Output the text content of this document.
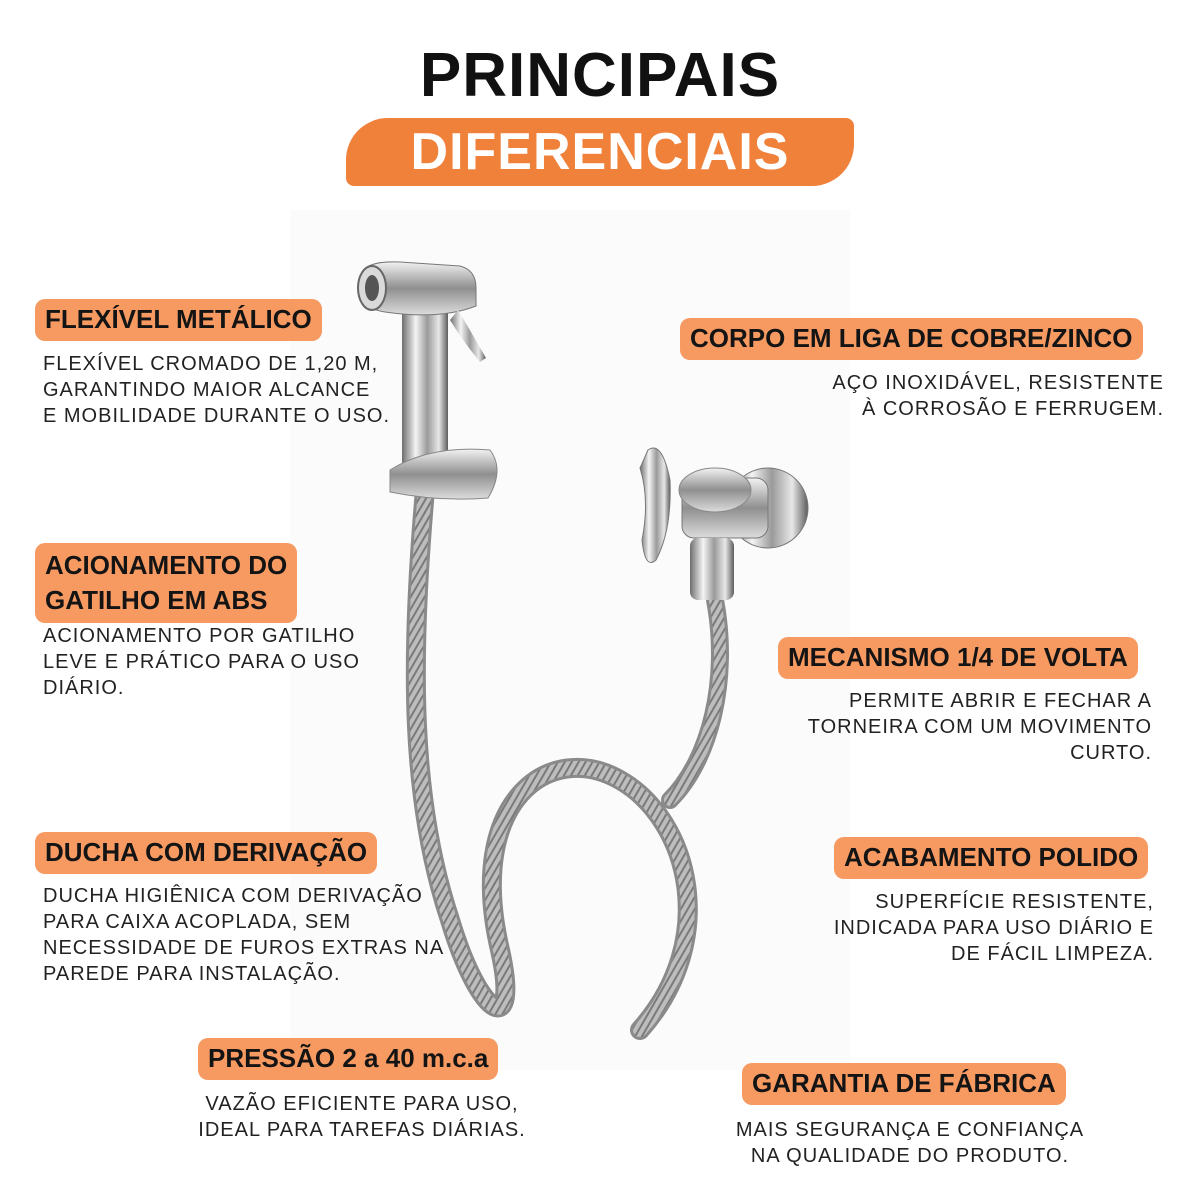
PRINCIPAIS
DIFERENCIAIS
FLEXÍVEL METÁLICO
FLEXÍVEL CROMADO DE 1,20 M,
GARANTINDO MAIOR ALCANCE
E MOBILIDADE DURANTE O USO.
ACIONAMENTO DO
GATILHO EM ABS
ACIONAMENTO POR GATILHO
LEVE E PRÁTICO PARA O USO
DIÁRIO.
DUCHA COM DERIVAÇÃO
DUCHA HIGIÊNICA COM DERIVAÇÃO
PARA CAIXA ACOPLADA, SEM
NECESSIDADE DE FUROS EXTRAS NA
PAREDE PARA INSTALAÇÃO.
PRESSÃO 2 a 40 m.c.a
VAZÃO EFICIENTE PARA USO,
IDEAL PARA TAREFAS DIÁRIAS.
CORPO EM LIGA DE COBRE/ZINCO
AÇO INOXIDÁVEL, RESISTENTE
À CORROSÃO E FERRUGEM.
MECANISMO 1/4 DE VOLTA
PERMITE ABRIR E FECHAR A
TORNEIRA COM UM MOVIMENTO
CURTO.
ACABAMENTO POLIDO
SUPERFÍCIE RESISTENTE,
INDICADA PARA USO DIÁRIO E
DE FÁCIL LIMPEZA.
GARANTIA DE FÁBRICA
MAIS SEGURANÇA E CONFIANÇA
NA QUALIDADE DO PRODUTO.
